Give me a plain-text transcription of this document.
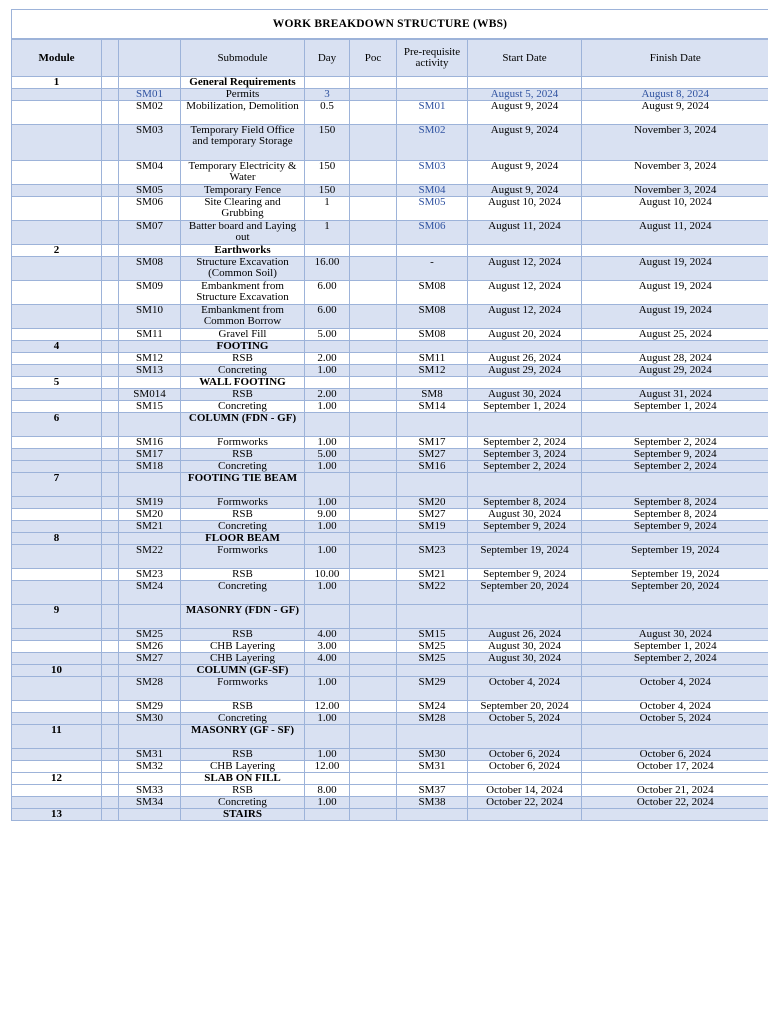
WORK BREAKDOWN STRUCTURE (WBS)
Module			Submodule	Day	Poc	Pre-requisite activity	Start Date	Finish Date
1			General Requirements					
		SM01	Permits	3			August 5, 2024	August 8, 2024
		SM02	Mobilization, Demolition	0.5		SM01	August 9, 2024	August 9, 2024
		SM03	Temporary Field Office and temporary Storage	150		SM02	August 9, 2024	November 3, 2024
		SM04	Temporary Electricity & Water	150		SM03	August 9, 2024	November 3, 2024
		SM05	Temporary Fence	150		SM04	August 9, 2024	November 3, 2024
		SM06	Site Clearing and Grubbing	1		SM05	August 10, 2024	August 10, 2024
		SM07	Batter board and Laying out	1		SM06	August 11, 2024	August 11, 2024
2			Earthworks					
		SM08	Structure Excavation (Common Soil)	16.00		-	August 12, 2024	August 19, 2024
		SM09	Embankment from Structure Excavation	6.00		SM08	August 12, 2024	August 19, 2024
		SM10	Embankment from Common Borrow	6.00		SM08	August 12, 2024	August 19, 2024
		SM11	Gravel Fill	5.00		SM08	August 20, 2024	August 25, 2024
4			FOOTING					
		SM12	RSB	2.00		SM11	August 26, 2024	August 28, 2024
		SM13	Concreting	1.00		SM12	August 29, 2024	August 29, 2024
5			WALL FOOTING					
		SM014	RSB	2.00		SM8	August 30, 2024	August 31, 2024
		SM15	Concreting	1.00		SM14	September 1, 2024	September 1, 2024
6			COLUMN (FDN - GF)					
		SM16	Formworks	1.00		SM17	September 2, 2024	September 2, 2024
		SM17	RSB	5.00		SM27	September 3, 2024	September 9, 2024
		SM18	Concreting	1.00		SM16	September 2, 2024	September 2, 2024
7			FOOTING TIE BEAM					
		SM19	Formworks	1.00		SM20	September 8, 2024	September 8, 2024
		SM20	RSB	9.00		SM27	August 30, 2024	September 8, 2024
		SM21	Concreting	1.00		SM19	September 9, 2024	September 9, 2024
8			FLOOR BEAM					
		SM22	Formworks	1.00		SM23	September 19, 2024	September 19, 2024
		SM23	RSB	10.00		SM21	September 9, 2024	September 19, 2024
		SM24	Concreting	1.00		SM22	September 20, 2024	September 20, 2024
9			MASONRY (FDN - GF)					
		SM25	RSB	4.00		SM15	August 26, 2024	August 30, 2024
		SM26	CHB Layering	3.00		SM25	August 30, 2024	September 1, 2024
		SM27	CHB Layering	4.00		SM25	August 30, 2024	September 2, 2024
10			COLUMN (GF-SF)					
		SM28	Formworks	1.00		SM29	October 4, 2024	October 4, 2024
		SM29	RSB	12.00		SM24	September 20, 2024	October 4, 2024
		SM30	Concreting	1.00		SM28	October 5, 2024	October 5, 2024
11			MASONRY (GF - SF)					
		SM31	RSB	1.00		SM30	October 6, 2024	October 6, 2024
		SM32	CHB Layering	12.00		SM31	October 6, 2024	October 17, 2024
12			SLAB ON FILL					
		SM33	RSB	8.00		SM37	October 14, 2024	October 21, 2024
		SM34	Concreting	1.00		SM38	October 22, 2024	October 22, 2024
13			STAIRS					
